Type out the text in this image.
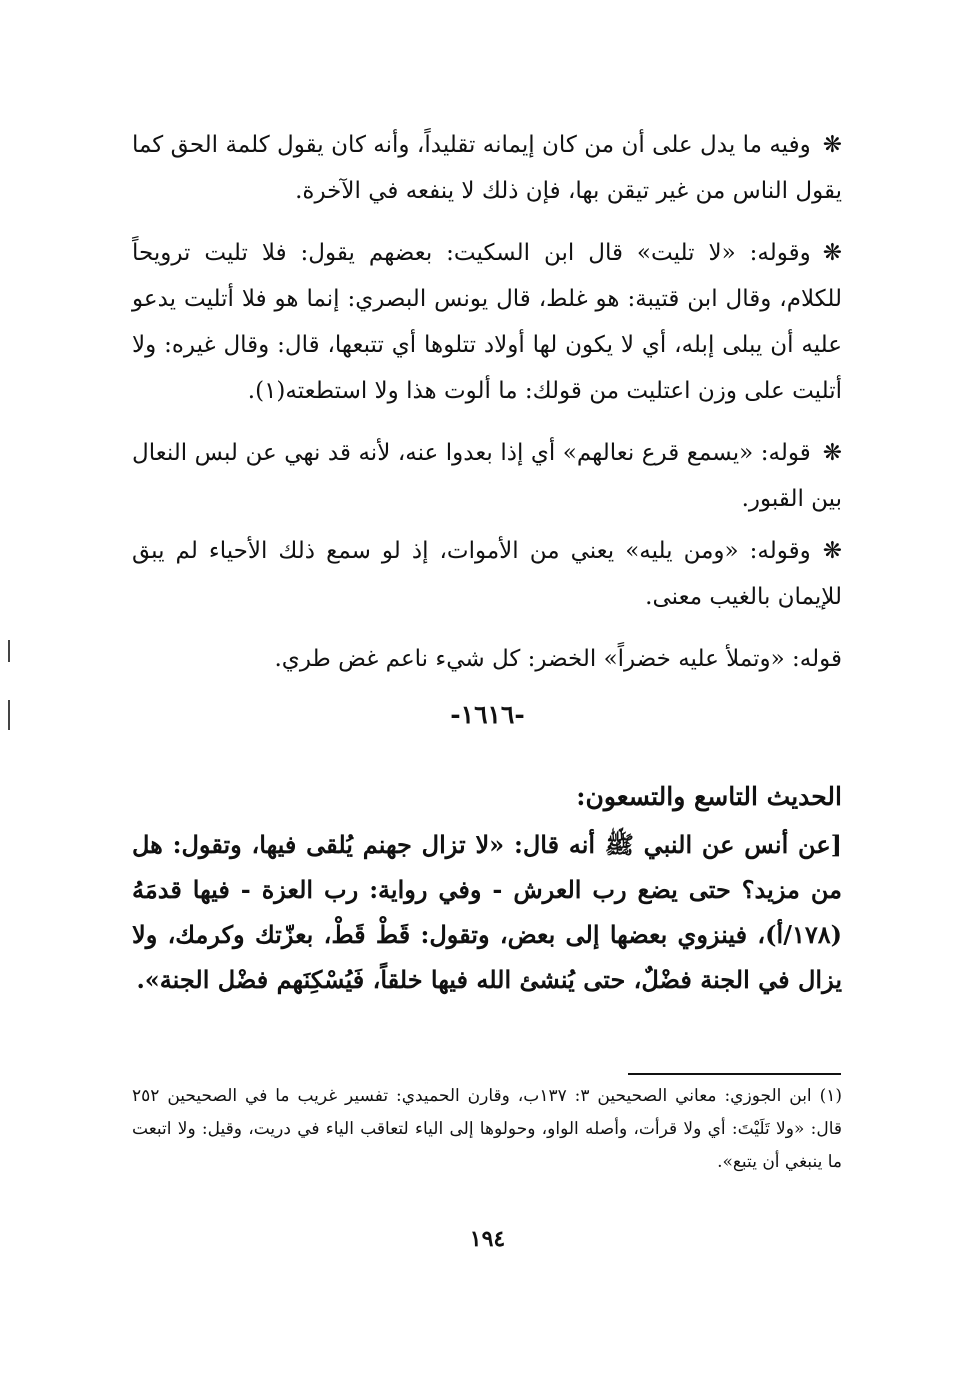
❋وفيه ما يدل على أن من كان إيمانه تقليداً، وأنه كان يقول كلمة الحق كما يقول الناس من غير تيقن بها، فإن ذلك لا ينفعه في الآخرة.

❋وقوله: «لا تليت» قال ابن السكيت: بعضهم يقول: فلا تليت ترويحاً للكلام، وقال ابن قتيبة: هو غلط، قال يونس البصري: إنما هو فلا أتليت يدعو عليه أن يبلى إبله، أي لا يكون لها أولاد تتلوها أي تتبعها، قال: وقال غيره: ولا أتليت على وزن اعتليت من قولك: ما ألوت هذا ولا استطعته(١).

❋قوله: «يسمع قرع نعالهم» أي إذا بعدوا عنه، لأنه قد نهي عن لبس النعال بين القبور.

❋وقوله: «ومن يليه» يعني من الأموات، إذ لو سمع ذلك الأحياء لم يبق للإيمان بالغيب معنى.

قوله: «وتملأ عليه خضراً» الخضر: كل شيء ناعم غض طري.

-١٦١٦-
الحديث التاسع والتسعون:

[عن أنس عن النبي ﷺ أنه قال: «لا تزال جهنم يُلقى فيها، وتقول: هل من مزيد؟ حتى يضع رب العرش - وفي رواية: رب العزة - فيها قدمَهُ (١٧٨/أ)، فينزوي بعضها إلى بعض، وتقول: قَطْ قَطْ، بعزّتك وكرمك، ولا يزال في الجنة فضْلٌ، حتى يُنشئ الله فيها خلقاً، فَيُسْكِنَهم فضْل الجنة».

(١) ابن الجوزي: معاني الصحيحين ٣: ١٣٧ب، وقارن الحميدي: تفسير غريب ما في الصحيحين ٢٥٢ قال: «ولا تَلَيْتَ: أي ولا قرأت، وأصله الواو، وحولوها إلى الياء لتعاقب الياء في دريت، وقيل: ولا اتبعت ما ينبغي أن يتبع».

١٩٤
